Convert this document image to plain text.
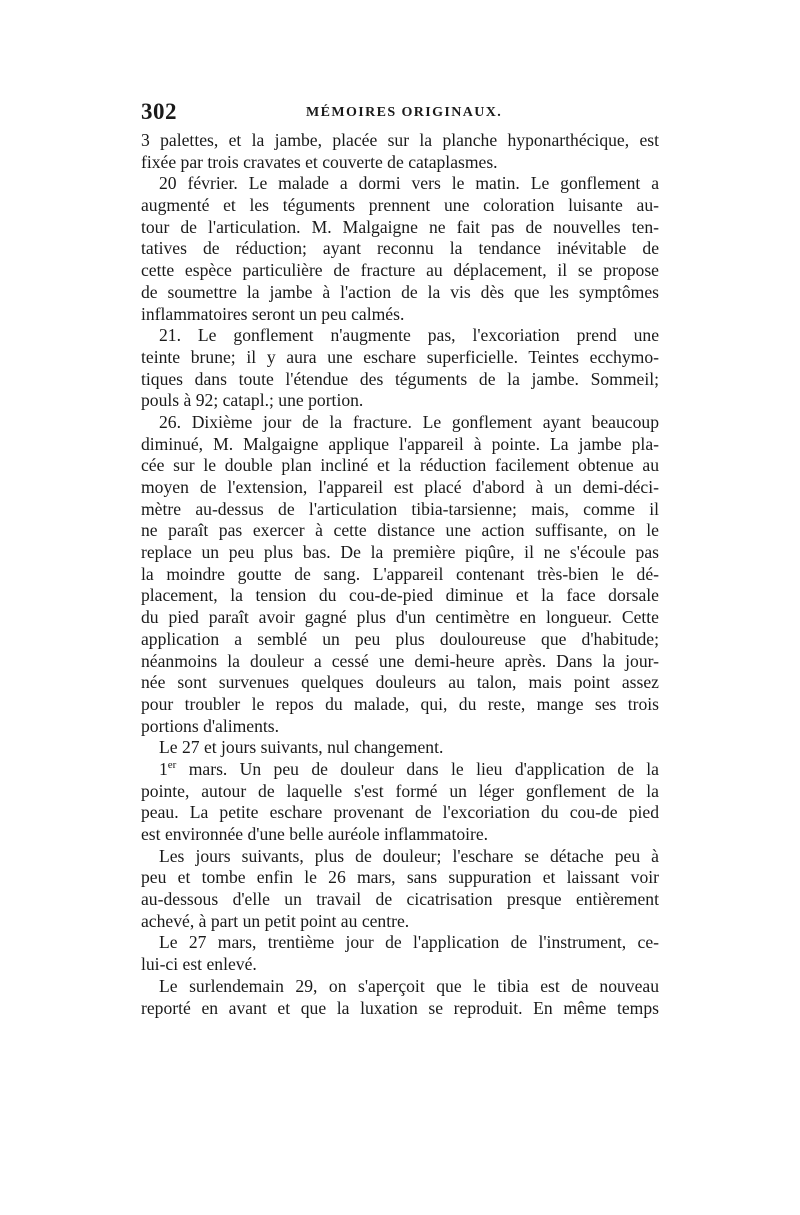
302	MÉMOIRES ORIGINAUX.
3 palettes, et la jambe, placée sur la planche hyponarthécique, est
fixée par trois cravates et couverte de cataplasmes.
20 février. Le malade a dormi vers le matin. Le gonflement a
augmenté et les téguments prennent une coloration luisante au-
tour de l'articulation. M. Malgaigne ne fait pas de nouvelles ten-
tatives de réduction; ayant reconnu la tendance inévitable de
cette espèce particulière de fracture au déplacement, il se propose
de soumettre la jambe à l'action de la vis dès que les symptômes
inflammatoires seront un peu calmés.
21. Le gonflement n'augmente pas, l'excoriation prend une
teinte brune; il y aura une eschare superficielle. Teintes ecchymo-
tiques dans toute l'étendue des téguments de la jambe. Sommeil;
pouls à 92; catapl.; une portion.
26. Dixième jour de la fracture. Le gonflement ayant beaucoup
diminué, M. Malgaigne applique l'appareil à pointe. La jambe pla-
cée sur le double plan incliné et la réduction facilement obtenue au
moyen de l'extension, l'appareil est placé d'abord à un demi-déci-
mètre au-dessus de l'articulation tibia-tarsienne; mais, comme il
ne paraît pas exercer à cette distance une action suffisante, on le
replace un peu plus bas. De la première piqûre, il ne s'écoule pas
la moindre goutte de sang. L'appareil contenant très-bien le dé-
placement, la tension du cou-de-pied diminue et la face dorsale
du pied paraît avoir gagné plus d'un centimètre en longueur. Cette
application a semblé un peu plus douloureuse que d'habitude;
néanmoins la douleur a cessé une demi-heure après. Dans la jour-
née sont survenues quelques douleurs au talon, mais point assez
pour troubler le repos du malade, qui, du reste, mange ses trois
portions d'aliments.
Le 27 et jours suivants, nul changement.
1er mars. Un peu de douleur dans le lieu d'application de la
pointe, autour de laquelle s'est formé un léger gonflement de la
peau. La petite eschare provenant de l'excoriation du cou-de pied
est environnée d'une belle auréole inflammatoire.
Les jours suivants, plus de douleur; l'eschare se détache peu à
peu et tombe enfin le 26 mars, sans suppuration et laissant voir
au-dessous d'elle un travail de cicatrisation presque entièrement
achevé, à part un petit point au centre.
Le 27 mars, trentième jour de l'application de l'instrument, ce-
lui-ci est enlevé.
Le surlendemain 29, on s'aperçoit que le tibia est de nouveau
reporté en avant et que la luxation se reproduit. En même temps
